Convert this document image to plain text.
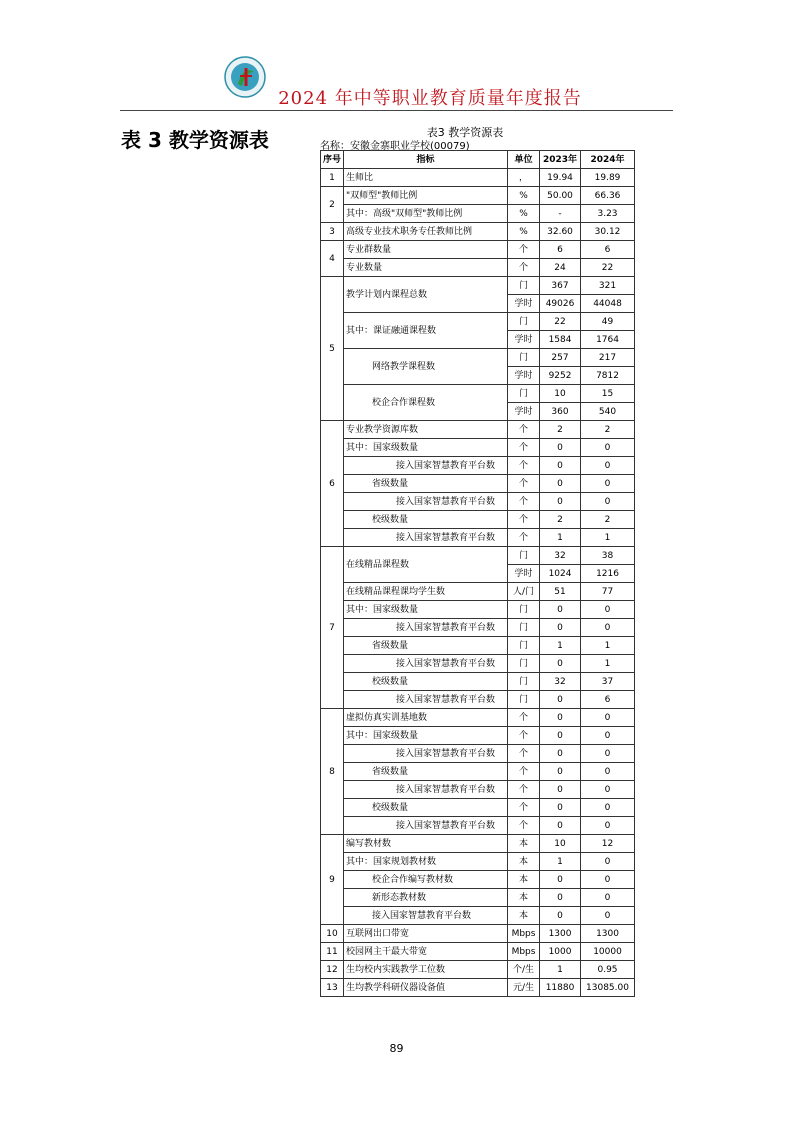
2024 年中等职业教育质量年度报告
表 3 教学资源表	表3 教学资源表
名称：安徽金寨职业学校(00079)
序号	指标	单位	2023年	2024年
1	生师比	，	19.94	19.89
2	"双师型"教师比例	%	50.00	66.36
	其中：高级"双师型"教师比例	%	-	3.23
3	高级专业技术职务专任教师比例	%	32.60	30.12
4	专业群数量	个	6	6
	专业数量	个	24	22
5	教学计划内课程总数	门	367	321
		学时	49026	44048
	其中：课证融通课程数	门	22	49
		学时	1584	1764
	网络教学课程数	门	257	217
		学时	9252	7812
	校企合作课程数	门	10	15
		学时	360	540
6	专业教学资源库数	个	2	2
	其中：国家级数量	个	0	0
	接入国家智慧教育平台数	个	0	0
	省级数量	个	0	0
	接入国家智慧教育平台数	个	0	0
	校级数量	个	2	2
	接入国家智慧教育平台数	个	1	1
7	在线精品课程数	门	32	38
		学时	1024	1216
	在线精品课程课均学生数	人/门	51	77
	其中：国家级数量	门	0	0
	接入国家智慧教育平台数	门	0	0
	省级数量	门	1	1
	接入国家智慧教育平台数	门	0	1
	校级数量	门	32	37
	接入国家智慧教育平台数	门	0	6
8	虚拟仿真实训基地数	个	0	0
	其中：国家级数量	个	0	0
	接入国家智慧教育平台数	个	0	0
	省级数量	个	0	0
	接入国家智慧教育平台数	个	0	0
	校级数量	个	0	0
	接入国家智慧教育平台数	个	0	0
9	编写教材数	本	10	12
	其中：国家规划教材数	本	1	0
	校企合作编写教材数	本	0	0
	新形态教材数	本	0	0
	接入国家智慧教育平台数	本	0	0
10	互联网出口带宽	Mbps	1300	1300
11	校园网主干最大带宽	Mbps	1000	10000
12	生均校内实践教学工位数	个/生	1	0.95
13	生均教学科研仪器设备值	元/生	11880	13085.00
89
